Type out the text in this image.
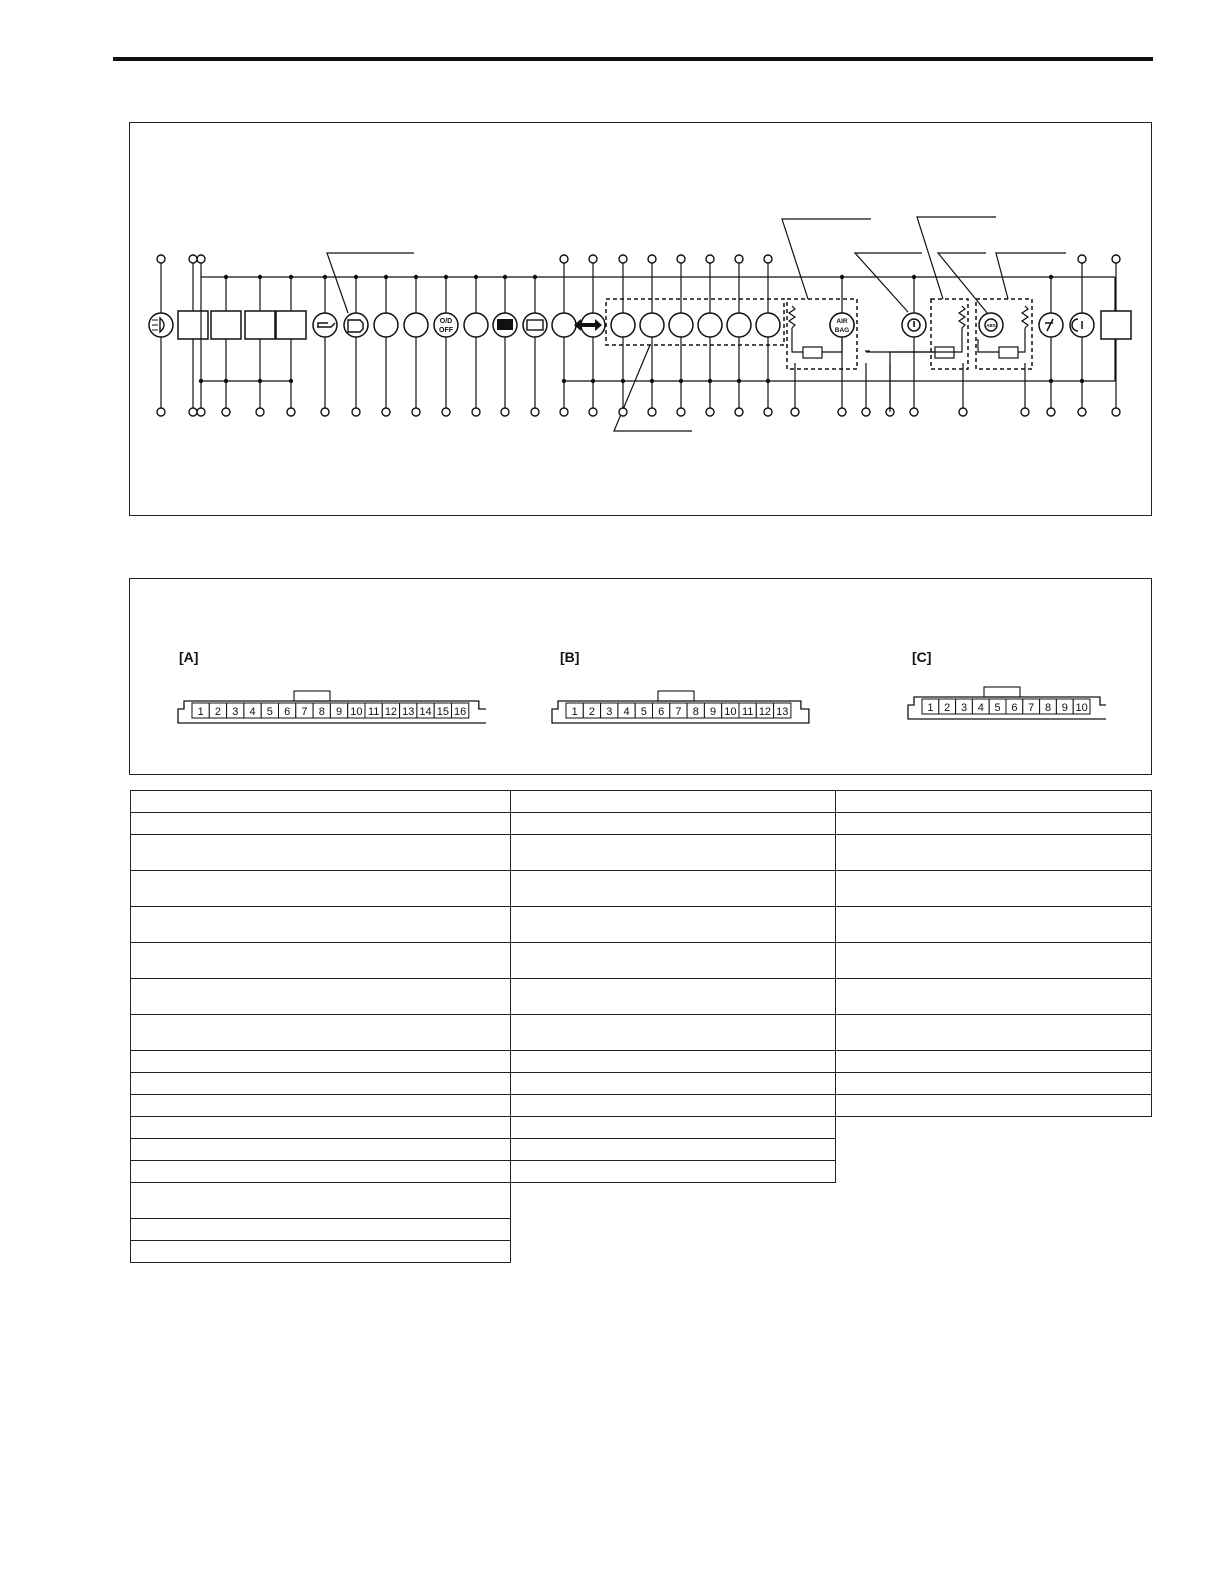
O/D
OFF
AIR
BAG
ABS
[A]	[B]	[C]
1 2 3 4 5 6 7 8 9 10 11 12 13 14 15 16	1 2 3 4 5 6 7 8 9 10 11 12 13	1 2 3 4 5 6 7 8 9 10
